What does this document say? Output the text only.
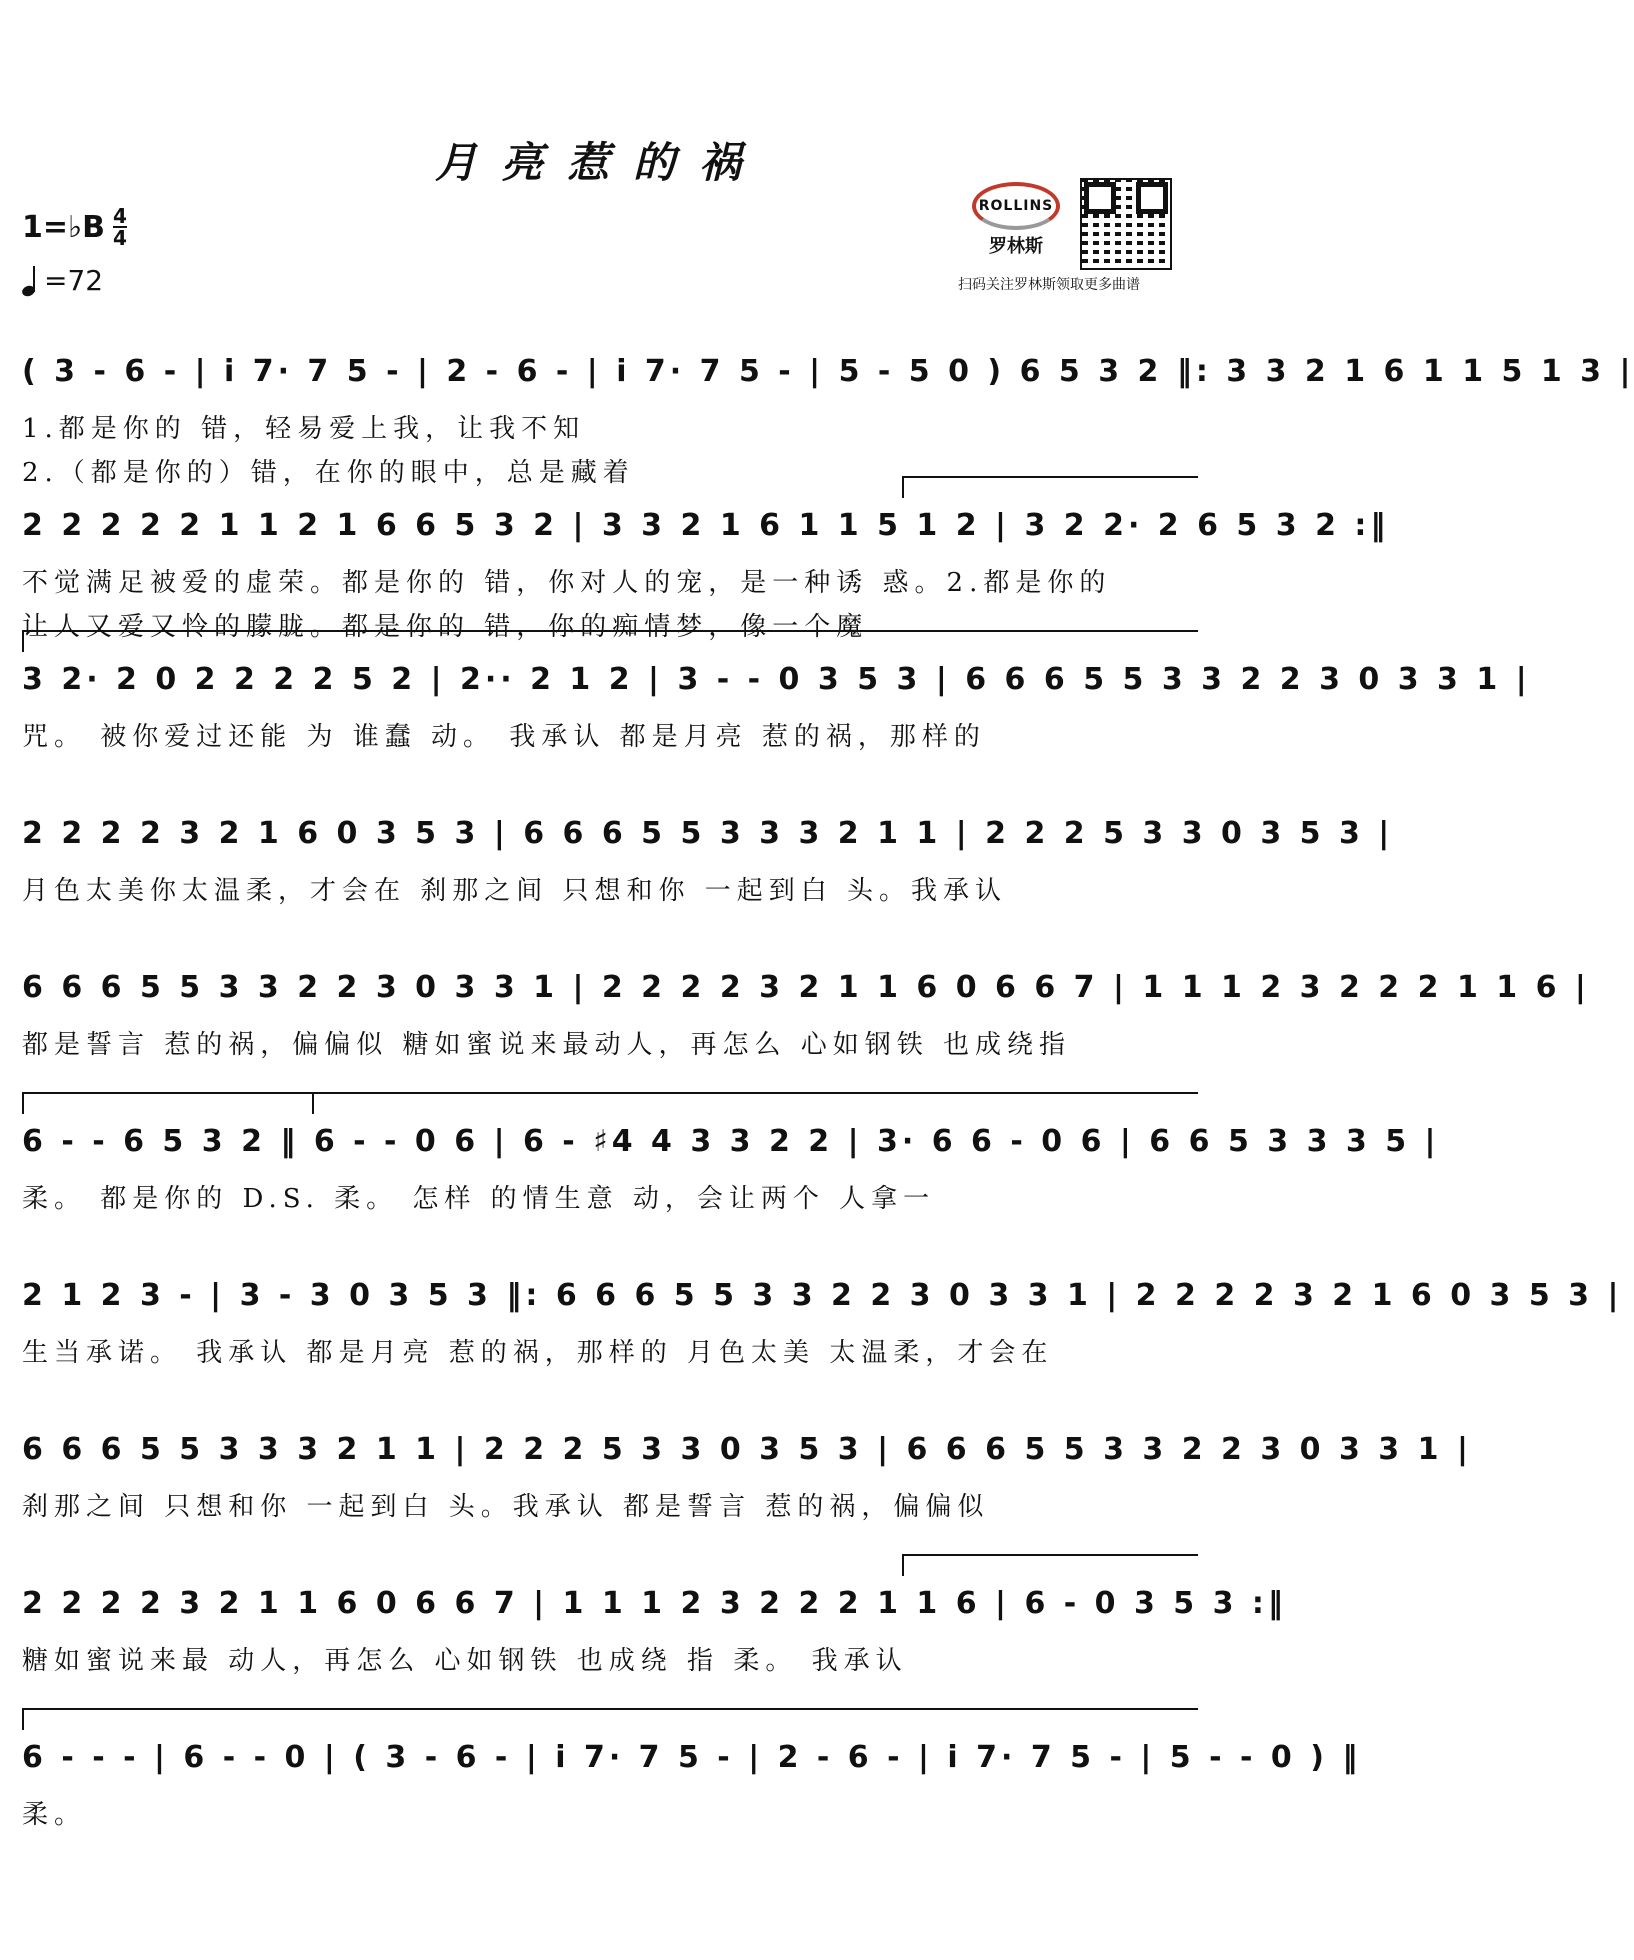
月亮惹的祸
1=♭B 4
4
=72
ROLLINS
罗林斯
扫码关注罗林斯领取更多曲谱
( 3 - 6 - | i 7· 7 5 - | 2 - 6 - | i 7· 7 5 - | 5 - 5 0 ) 6 5 3 2 ‖: 3 3 2 1 6 1 1 5 1 3 |
1.都是你的 错，轻易爱上我，让我不知
2.（都是你的）错，在你的眼中，总是藏着
2 2 2 2 2 1 1 2 1 6 6 5 3 2 | 3 3 2 1 6 1 1 5 1 2 | 3 2 2· 2 6 5 3 2 :‖
不觉满足被爱的虚荣。都是你的 错，你对人的宠，是一种诱 惑。2.都是你的
让人又爱又怜的朦胧。都是你的 错，你的痴情梦，像一个魔
3 2· 2 0 2 2 2 2 5 2 | 2·· 2 1 2 | 3 - - 0 3 5 3 | 6 6 6 5 5 3 3 2 2 3 0 3 3 1 |
咒。 被你爱过还能 为 谁蠢 动。 我承认 都是月亮 惹的祸，那样的
2 2 2 2 3 2 1 6 0 3 5 3 | 6 6 6 5 5 3 3 3 2 1 1 | 2 2 2 5 3 3 0 3 5 3 |
月色太美你太温柔，才会在 刹那之间 只想和你 一起到白 头。我承认
6 6 6 5 5 3 3 2 2 3 0 3 3 1 | 2 2 2 2 3 2 1 1 6 0 6 6 7 | 1 1 1 2 3 2 2 2 1 1 6 |
都是誓言 惹的祸，偏偏似 糖如蜜说来最动人，再怎么 心如钢铁 也成绕指
6 - - 6 5 3 2 ‖ 6 - - 0 6 | 6 - ♯4 4 3 3 2 2 | 3· 6 6 - 0 6 | 6 6 5 3 3 3 5 |
柔。 都是你的 D.S. 柔。 怎样 的情生意 动，会让两个 人拿一
2 1 2 3 - | 3 - 3 0 3 5 3 ‖: 6 6 6 5 5 3 3 2 2 3 0 3 3 1 | 2 2 2 2 3 2 1 6 0 3 5 3 |
生当承诺。 我承认 都是月亮 惹的祸，那样的 月色太美 太温柔，才会在
6 6 6 5 5 3 3 3 2 1 1 | 2 2 2 5 3 3 0 3 5 3 | 6 6 6 5 5 3 3 2 2 3 0 3 3 1 |
刹那之间 只想和你 一起到白 头。我承认 都是誓言 惹的祸，偏偏似
2 2 2 2 3 2 1 1 6 0 6 6 7 | 1 1 1 2 3 2 2 2 1 1 6 | 6 - 0 3 5 3 :‖
糖如蜜说来最 动人，再怎么 心如钢铁 也成绕 指 柔。 我承认
6 - - - | 6 - - 0 | ( 3 - 6 - | i 7· 7 5 - | 2 - 6 - | i 7· 7 5 - | 5 - - 0 ) ‖
柔。
